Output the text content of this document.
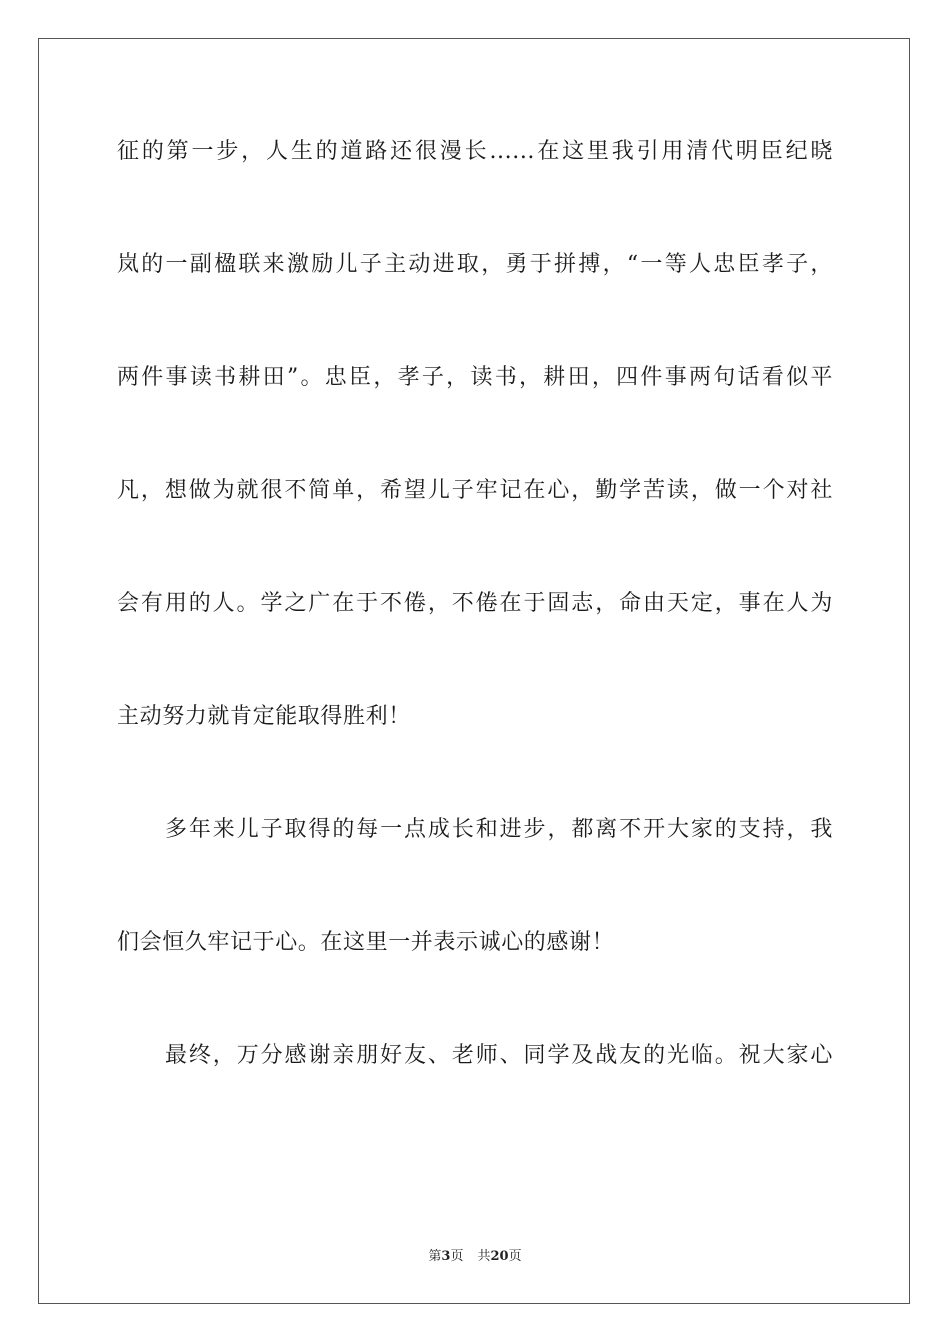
征的第一步，人生的道路还很漫长......在这里我引用清代明臣纪晓
岚的一副楹联来激励儿子主动进取，勇于拼搏，“一等人忠臣孝子，
两件事读书耕田”。忠臣，孝子，读书，耕田，四件事两句话看似平
凡，想做为就很不简单，希望儿子牢记在心，勤学苦读，做一个对社
会有用的人。学之广在于不倦，不倦在于固志，命由天定，事在人为
主动努力就肯定能取得胜利！
多年来儿子取得的每一点成长和进步，都离不开大家的支持，我
们会恒久牢记于心。在这里一并表示诚心的感谢！
最终，万分感谢亲朋好友、老师、同学及战友的光临。祝大家心
第3页 共20页
